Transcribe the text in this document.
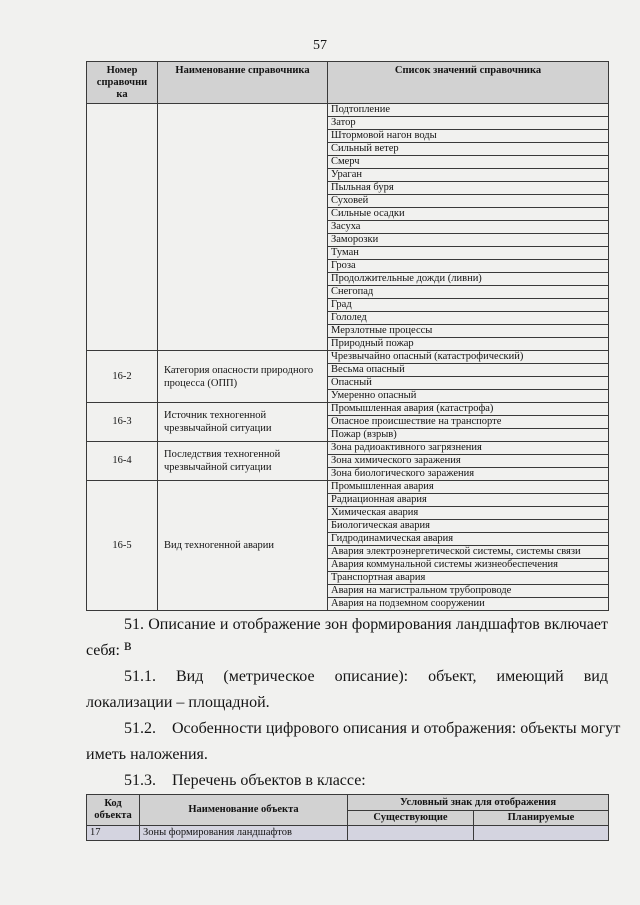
57
Номер справочни ка	Наименование справочника	Список значений справочника
		Подтопление
		Затор
		Штормовой нагон воды
		Сильный ветер
		Смерч
		Ураган
		Пыльная буря
		Суховей
		Сильные осадки
		Засуха
		Заморозки
		Туман
		Гроза
		Продолжительные дожди (ливни)
		Снегопад
		Град
		Гололед
		Мерзлотные процессы
		Природный пожар
16-2	Категория опасности природного процесса (ОПП)	Чрезвычайно опасный (катастрофический)
		Весьма опасный
		Опасный
		Умеренно опасный
16-3	Источник техногенной чрезвычайной ситуации	Промышленная авария (катастрофа)
		Опасное происшествие на транспорте
		Пожар (взрыв)
16-4	Последствия техногенной чрезвычайной ситуации	Зона радиоактивного загрязнения
		Зона химического заражения
		Зона биологического заражения
16-5	Вид техногенной аварии	Промышленная авария
		Радиационная авария
		Химическая авария
		Биологическая авария
		Гидродинамическая авария
		Авария электроэнергетической системы, системы связи
		Авария коммунальной системы жизнеобеспечения
		Транспортная авария
		Авария на магистральном трубопроводе
		Авария на подземном сооружении
51. Описание и отображение зон формирования ландшафтов включает в
себя:
51.1.    Вид    (метрическое    описание):    объект,    имеющий    вид
локализации – площадной.
51.2.    Особенности цифрового описания и отображения: объекты могут
иметь наложения.
51.3.    Перечень объектов в классе:
Код объекта	Наименование объекта	Условный знак для отображения	
		Существующие	Планируемые
17	Зоны формирования ландшафтов		
